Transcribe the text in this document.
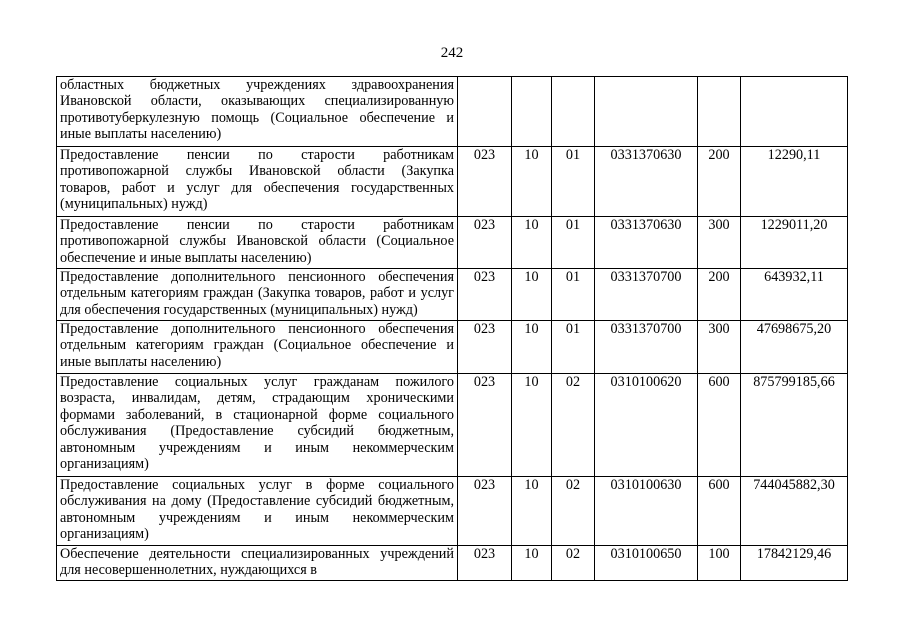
242
областных бюджетных учреждениях здравоохранения Ивановской области, оказывающих специализированную противотуберкулезную помощь (Социальное обеспечение и иные выплаты населению)						
Предоставление пенсии по старости работникам противопожарной службы Ивановской области (Закупка товаров, работ и услуг для обеспечения государственных (муниципальных) нужд)	023	10	01	0331370630	200	12290,11
Предоставление пенсии по старости работникам противопожарной службы Ивановской области (Социальное обеспечение и иные выплаты населению)	023	10	01	0331370630	300	1229011,20
Предоставление дополнительного пенсионного обеспечения отдельным категориям граждан (Закупка товаров, работ и услуг для обеспечения государственных (муниципальных) нужд)	023	10	01	0331370700	200	643932,11
Предоставление дополнительного пенсионного обеспечения отдельным категориям граждан (Социальное обеспечение и иные выплаты населению)	023	10	01	0331370700	300	47698675,20
Предоставление социальных услуг гражданам пожилого возраста, инвалидам, детям, страдающим хроническими формами заболеваний, в стационарной форме социального обслуживания (Предоставление субсидий бюджетным, автономным учреждениям и иным некоммерческим организациям)	023	10	02	0310100620	600	875799185,66
Предоставление социальных услуг в форме социального обслуживания на дому (Предоставление субсидий бюджетным, автономным учреждениям и иным некоммерческим организациям)	023	10	02	0310100630	600	744045882,30
Обеспечение деятельности специализированных учреждений для несовершеннолетних, нуждающихся в	023	10	02	0310100650	100	17842129,46
